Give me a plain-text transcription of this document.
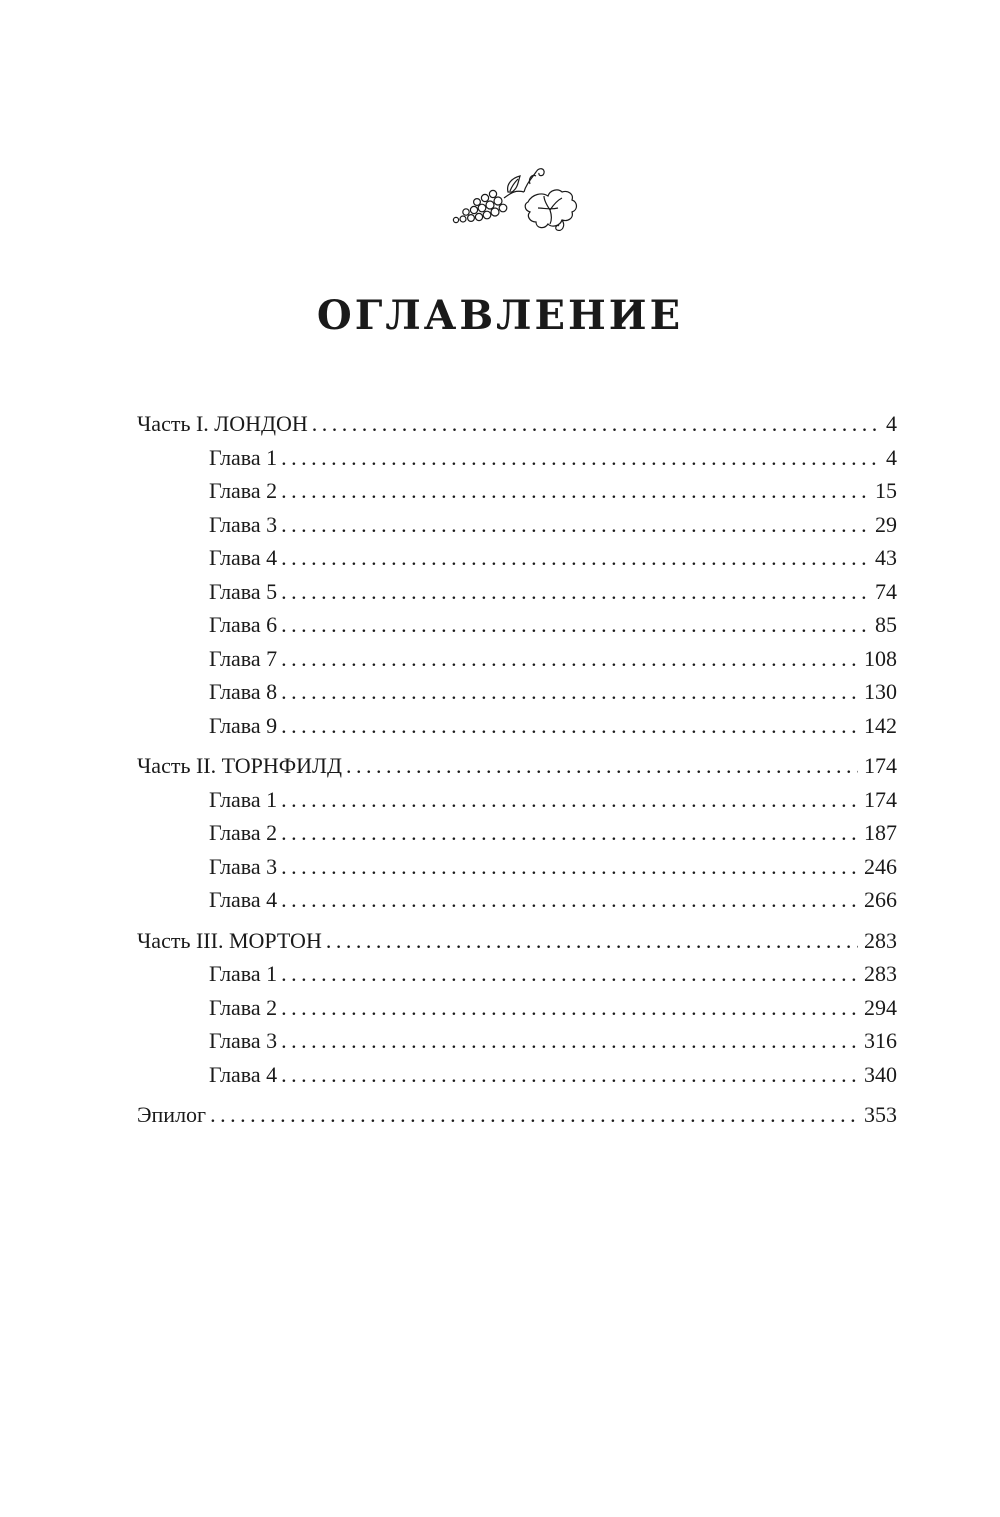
ОГЛАВЛЕНИЕ
Часть I. ЛОНДОН . . .	4
Глава 1 . . .	4
Глава 2 . . .	15
Глава 3 . . .	29
Глава 4 . . .	43
Глава 5 . . .	74
Глава 6 . . .	85
Глава 7 . . .	108
Глава 8 . . .	130
Глава 9 . . .	142
Часть II. ТОРНФИЛД . . .	174
Глава 1 . . .	174
Глава 2 . . .	187
Глава 3 . . .	246
Глава 4 . . .	266
Часть III. МОРТОН . . .	283
Глава 1 . . .	283
Глава 2 . . .	294
Глава 3 . . .	316
Глава 4 . . .	340
Эпилог . . .	353
